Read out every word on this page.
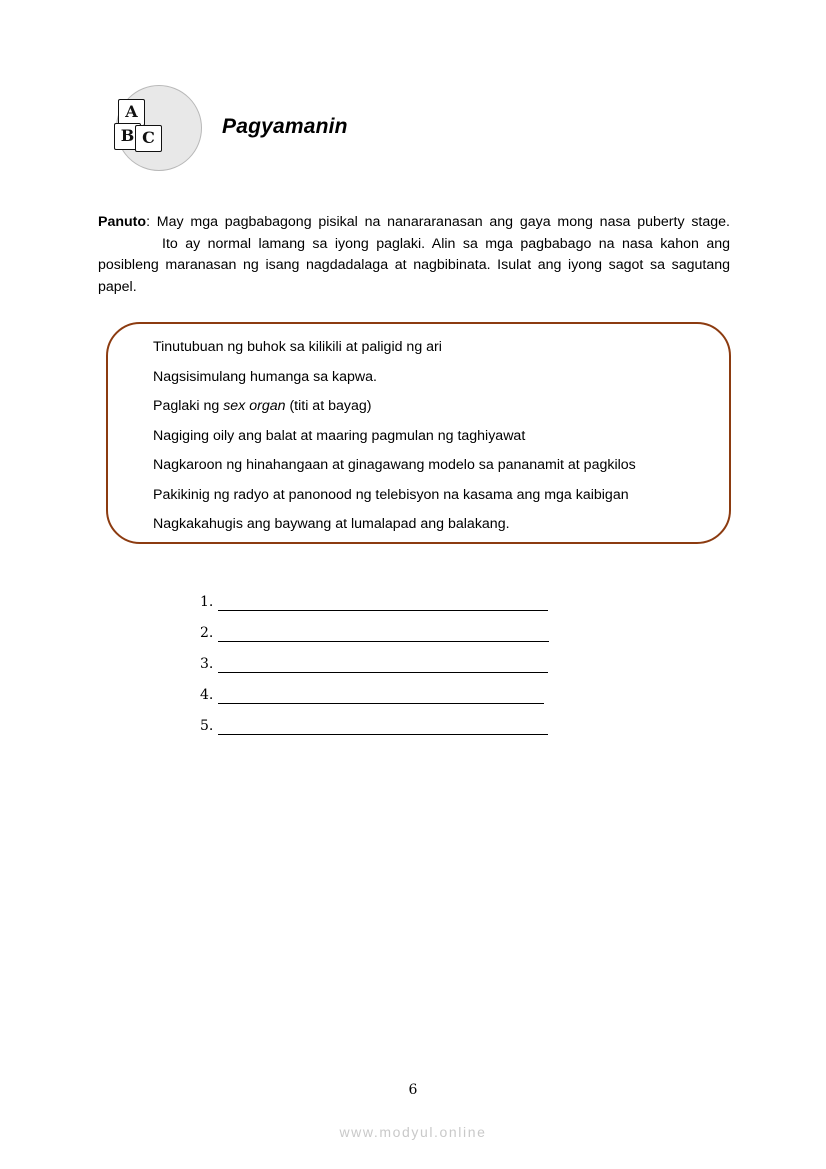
A
B C	Pagyamanin
Panuto: May mga pagbabagong pisikal na nanararanasan ang gaya mong nasa puberty stage.Ito ay normal lamang sa iyong paglaki. Alin sa mga pagbabago na nasa kahon ang posibleng maranasan ng isang nagdadalaga at nagbibinata. Isulat ang iyong sagot sa sagutang papel.
Tinutubuan ng buhok sa kilikili at paligid ng ari
Nagsisimulang humanga sa kapwa.
Paglaki ng sex organ (titi at bayag)
Nagiging oily ang balat at maaring pagmulan ng taghiyawat
Nagkaroon ng hinahangaan at ginagawang modelo sa pananamit at pagkilos
Pakikinig ng radyo at panonood ng telebisyon na kasama ang mga kaibigan
Nagkakahugis ang baywang at lumalapad ang balakang.
1.
2.
3.
4.
5.
6
www.modyul.online
